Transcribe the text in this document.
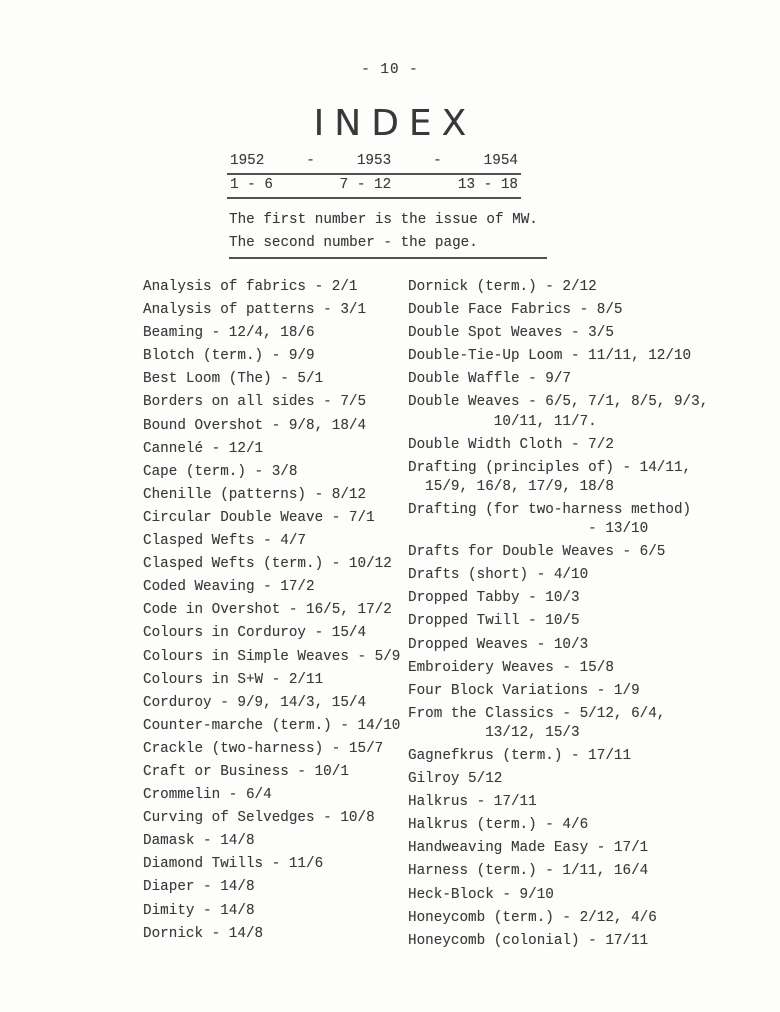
- 10 -
INDEX
1952	-	1953	-	1954
1 - 6	7 - 12	13 - 18
The first number is the issue of MW.
The second number - the page.
Analysis of fabrics - 2/1
Analysis of patterns - 3/1
Beaming - 12/4, 18/6
Blotch (term.) - 9/9
Best Loom (The) - 5/1
Borders on all sides - 7/5
Bound Overshot - 9/8, 18/4
Cannelé - 12/1
Cape (term.) - 3/8
Chenille (patterns) - 8/12
Circular Double Weave - 7/1
Clasped Wefts - 4/7
Clasped Wefts (term.) - 10/12
Coded Weaving - 17/2
Code in Overshot - 16/5, 17/2
Colours in Corduroy - 15/4
Colours in Simple Weaves - 5/9
Colours in S+W - 2/11
Corduroy - 9/9, 14/3, 15/4
Counter-marche (term.) - 14/10
Crackle (two-harness) - 15/7
Craft or Business - 10/1
Crommelin - 6/4
Curving of Selvedges - 10/8
Damask - 14/8
Diamond Twills - 11/6
Diaper - 14/8
Dimity - 14/8
Dornick - 14/8
Dornick (term.) - 2/12
Double Face Fabrics - 8/5
Double Spot Weaves - 3/5
Double-Tie-Up Loom - 11/11, 12/10
Double Waffle - 9/7
Double Weaves - 6/5, 7/1, 8/5, 9/3,
10/11, 11/7.
Double Width Cloth - 7/2
Drafting (principles of) - 14/11,
15/9, 16/8, 17/9, 18/8
Drafting (for two-harness method)
- 13/10
Drafts for Double Weaves - 6/5
Drafts (short) - 4/10
Dropped Tabby - 10/3
Dropped Twill - 10/5
Dropped Weaves - 10/3
Embroidery Weaves - 15/8
Four Block Variations - 1/9
From the Classics - 5/12, 6/4,
13/12, 15/3
Gagnefkrus (term.) - 17/11
Gilroy 5/12
Halkrus - 17/11
Halkrus (term.) - 4/6
Handweaving Made Easy - 17/1
Harness (term.) - 1/11, 16/4
Heck-Block - 9/10
Honeycomb (term.) - 2/12, 4/6
Honeycomb (colonial) - 17/11
